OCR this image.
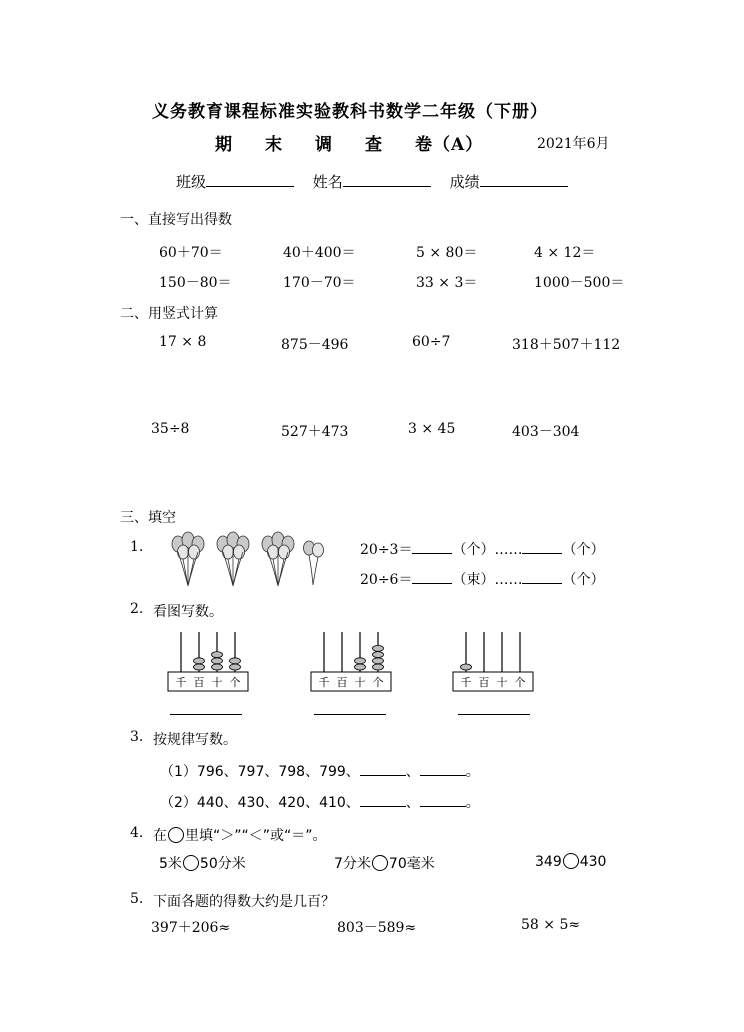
义务教育课程标准实验教科书数学二年级（下册）
期 末 调 查 卷 （A）	2021年6月
班级	姓名	成绩
一、直接写出得数
60＋70＝	40＋400＝	5 × 80＝	4 × 12＝
150－80＝	170－70＝	33 × 3＝	1000－500＝
二、用竖式计算
17 × 8	875－496	60÷7	318＋507＋112
35÷8	527＋473	3 × 45	403－304
三、填空
1.	20÷3＝	（个）……	（个）
20÷6＝	（束）……	（个）
2. 看图写数。
千 百 十 个	千 百 十 个	千 百 十 个
3. 按规律写数。
（1）796、797、798、799、	、	。
（2）440、430、420、410、	、	。
4. 在 里填“＞”“＜”或“＝”。
5米 50分米	7分米 70毫米	349 430
5. 下面各题的得数大约是几百？
397＋206≈	803－589≈	58 × 5≈
